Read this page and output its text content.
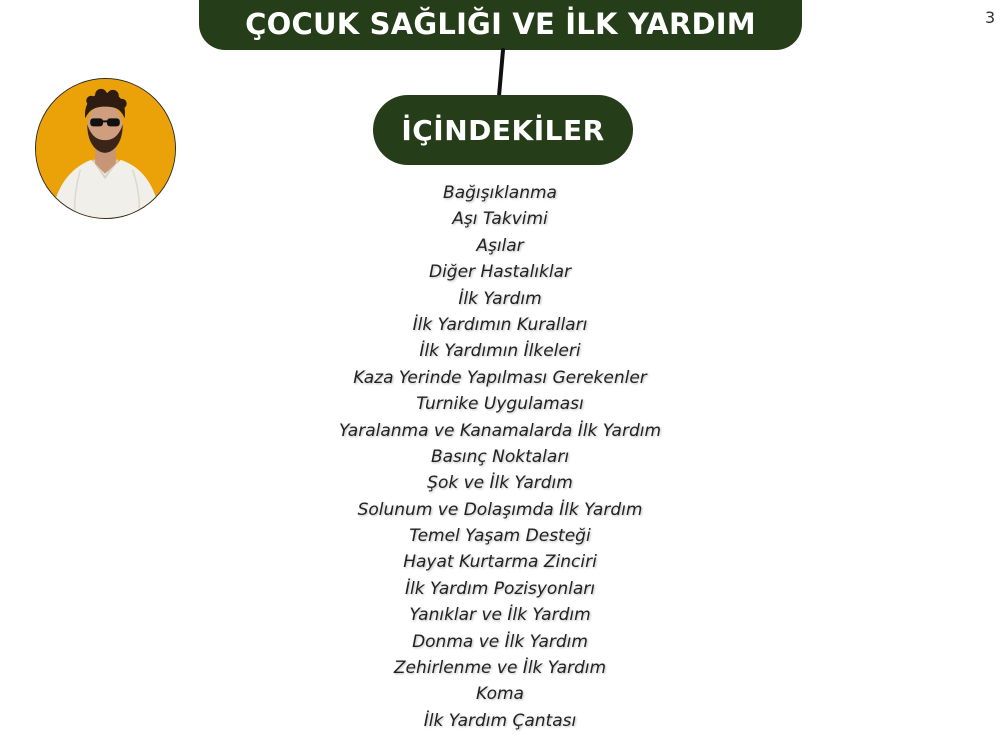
ÇOCUK SAĞLIĞI VE İLK YARDIM	3
İÇİNDEKİLER
Bağışıklanma
Aşı Takvimi
Aşılar
Diğer Hastalıklar
İlk Yardım
İlk Yardımın Kuralları
İlk Yardımın İlkeleri
Kaza Yerinde Yapılması Gerekenler
Turnike Uygulaması
Yaralanma ve Kanamalarda İlk Yardım
Basınç Noktaları
Şok ve İlk Yardım
Solunum ve Dolaşımda İlk Yardım
Temel Yaşam Desteği
Hayat Kurtarma Zinciri
İlk Yardım Pozisyonları
Yanıklar ve İlk Yardım
Donma ve İlk Yardım
Zehirlenme ve İlk Yardım
Koma
İlk Yardım Çantası
